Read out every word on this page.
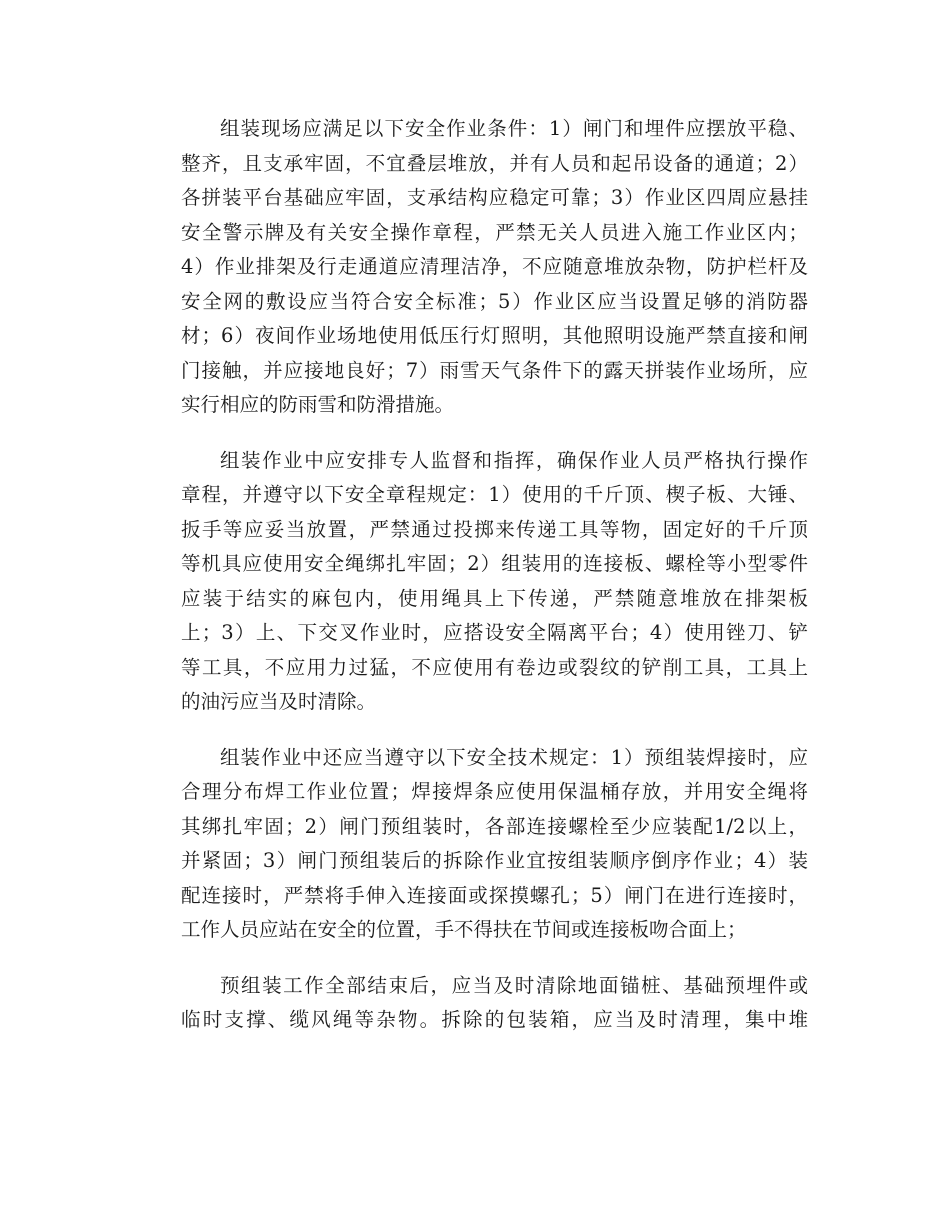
组装现场应满足以下安全作业条件：1）闸门和埋件应摆放平稳、
整齐，且支承牢固，不宜叠层堆放，并有人员和起吊设备的通道；2）
各拼装平台基础应牢固，支承结构应稳定可靠；3）作业区四周应悬挂
安全警示牌及有关安全操作章程，严禁无关人员进入施工作业区内；
4）作业排架及行走通道应清理洁净，不应随意堆放杂物，防护栏杆及
安全网的敷设应当符合安全标准；5）作业区应当设置足够的消防器
材；6）夜间作业场地使用低压行灯照明，其他照明设施严禁直接和闸
门接触，并应接地良好；7）雨雪天气条件下的露天拼装作业场所，应
实行相应的防雨雪和防滑措施。
组装作业中应安排专人监督和指挥，确保作业人员严格执行操作
章程，并遵守以下安全章程规定：1）使用的千斤顶、楔子板、大锤、
扳手等应妥当放置，严禁通过投掷来传递工具等物，固定好的千斤顶
等机具应使用安全绳绑扎牢固；2）组装用的连接板、螺栓等小型零件
应装于结实的麻包内，使用绳具上下传递，严禁随意堆放在排架板
上；3）上、下交叉作业时，应搭设安全隔离平台；4）使用锉刀、铲
等工具，不应用力过猛，不应使用有卷边或裂纹的铲削工具，工具上
的油污应当及时清除。
组装作业中还应当遵守以下安全技术规定：1）预组装焊接时，应
合理分布焊工作业位置；焊接焊条应使用保温桶存放，并用安全绳将
其绑扎牢固；2）闸门预组装时，各部连接螺栓至少应装配1/2以上，
并紧固；3）闸门预组装后的拆除作业宜按组装顺序倒序作业；4）装
配连接时，严禁将手伸入连接面或探摸螺孔；5）闸门在进行连接时，
工作人员应站在安全的位置，手不得扶在节间或连接板吻合面上；
预组装工作全部结束后，应当及时清除地面锚桩、基础预埋件或
临时支撑、缆风绳等杂物。拆除的包装箱，应当及时清理，集中堆
